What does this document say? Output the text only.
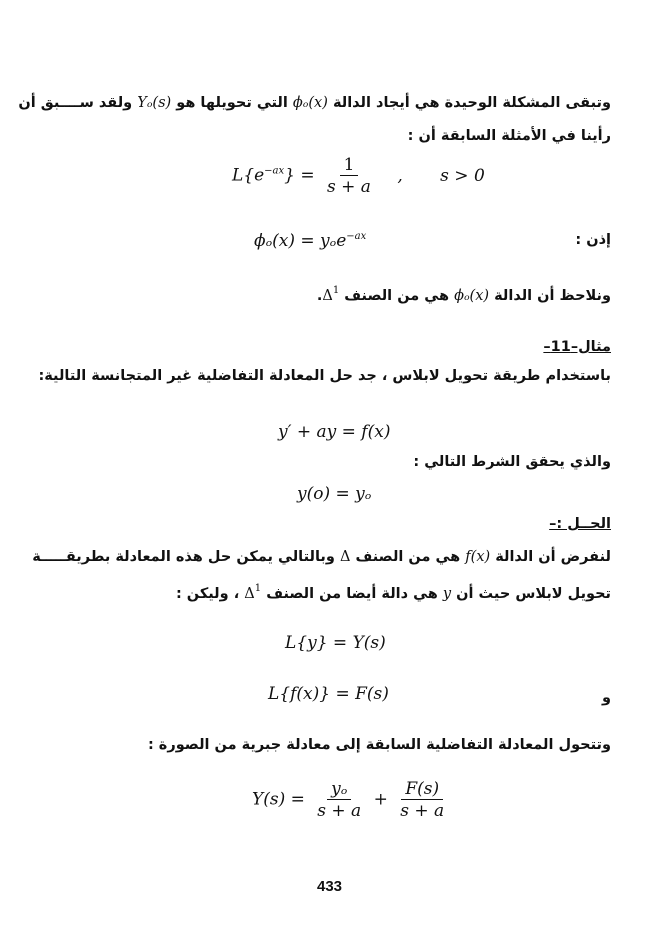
وتبقى المشكلة الوحيدة هي أيجاد الدالة ϕₒ(x) التي تحويلها هو Yₒ(s) ولقد ســــبق أن
رأينا في الأمثلة السابقة أن :
$L\{e^{-ax}\} = \frac{1}{s + a}$ , s > 0
ϕₒ(x) = yₒe$^{-ax}$	إذن :
ونلاحظ أن الدالة ϕₒ(x) هي من الصنف $\Delta^1$.
مثال–11–
باستخدام طريقة تحويل لابلاس ، جد حل المعادلة التفاضلية غير المتجانسة التالية:
y′ + ay = f(x)
والذي يحقق الشرط التالي :
y(o) = yₒ
الحــل :–
لنفرض أن الدالة f(x) هي من الصنف Δ وبالتالي يمكن حل هذه المعادلة بطريقـــــة
تحويل لابلاس حيث أن y هي دالة أيضا من الصنف $\Delta^1$ ، وليكن :
L{y} = Y(s)
L{f(x)} = F(s)	و
وتتحول المعادلة التفاضلية السابقة إلى معادلة جبرية من الصورة :
$Y(s) = \frac{\text{yₒ}}{s + a} + \frac{F(s)}{s + a}$
433
